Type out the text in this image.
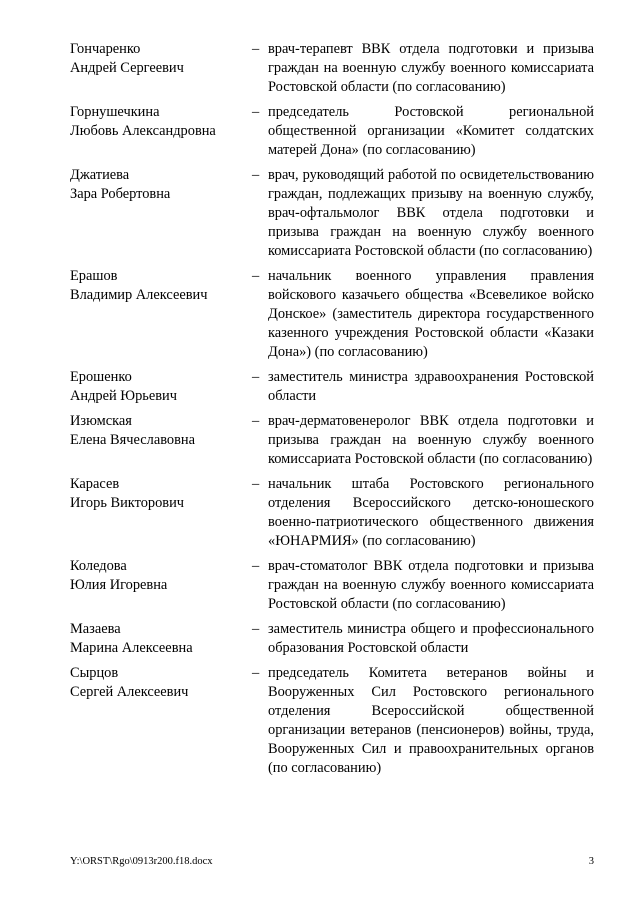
Гончаренко
Андрей Сергеевич
– врач-терапевт ВВК отдела подготовки и призыва граждан на военную службу военного комиссариата Ростовской области (по согласованию)
Горнушечкина
Любовь Александровна
– председатель Ростовской региональной общественной организации «Комитет солдатских матерей Дона» (по согласованию)
Джатиева
Зара Робертовна
– врач, руководящий работой по освидетельствованию граждан, подлежащих призыву на военную службу, врач-офтальмолог ВВК отдела подготовки и призыва граждан на военную службу военного комиссариата Ростовской области (по согласованию)
Ерашов
Владимир Алексеевич
– начальник военного управления правления войскового казачьего общества «Всевеликое войско Донское» (заместитель директора государственного казенного учреждения Ростовской области «Казаки Дона») (по согласованию)
Ерошенко
Андрей Юрьевич
– заместитель министра здравоохранения Ростовской области
Изюмская
Елена Вячеславовна
– врач-дерматовенеролог ВВК отдела подготовки и призыва граждан на военную службу военного комиссариата Ростовской области (по согласованию)
Карасев
Игорь Викторович
– начальник штаба Ростовского регионального отделения Всероссийского детско-юношеского военно-патриотического общественного движения «ЮНАРМИЯ» (по согласованию)
Коледова
Юлия Игоревна
– врач-стоматолог ВВК отдела подготовки и призыва граждан на военную службу военного комиссариата Ростовской области (по согласованию)
Мазаева
Марина Алексеевна
– заместитель министра общего и профессионального образования Ростовской области
Сырцов
Сергей Алексеевич
– председатель Комитета ветеранов войны и Вооруженных Сил Ростовского регионального отделения Всероссийской общественной организации ветеранов (пенсионеров) войны, труда, Вооруженных Сил и правоохранительных органов (по согласованию)
Y:\ORST\Rgo\0913r200.f18.docx	3
